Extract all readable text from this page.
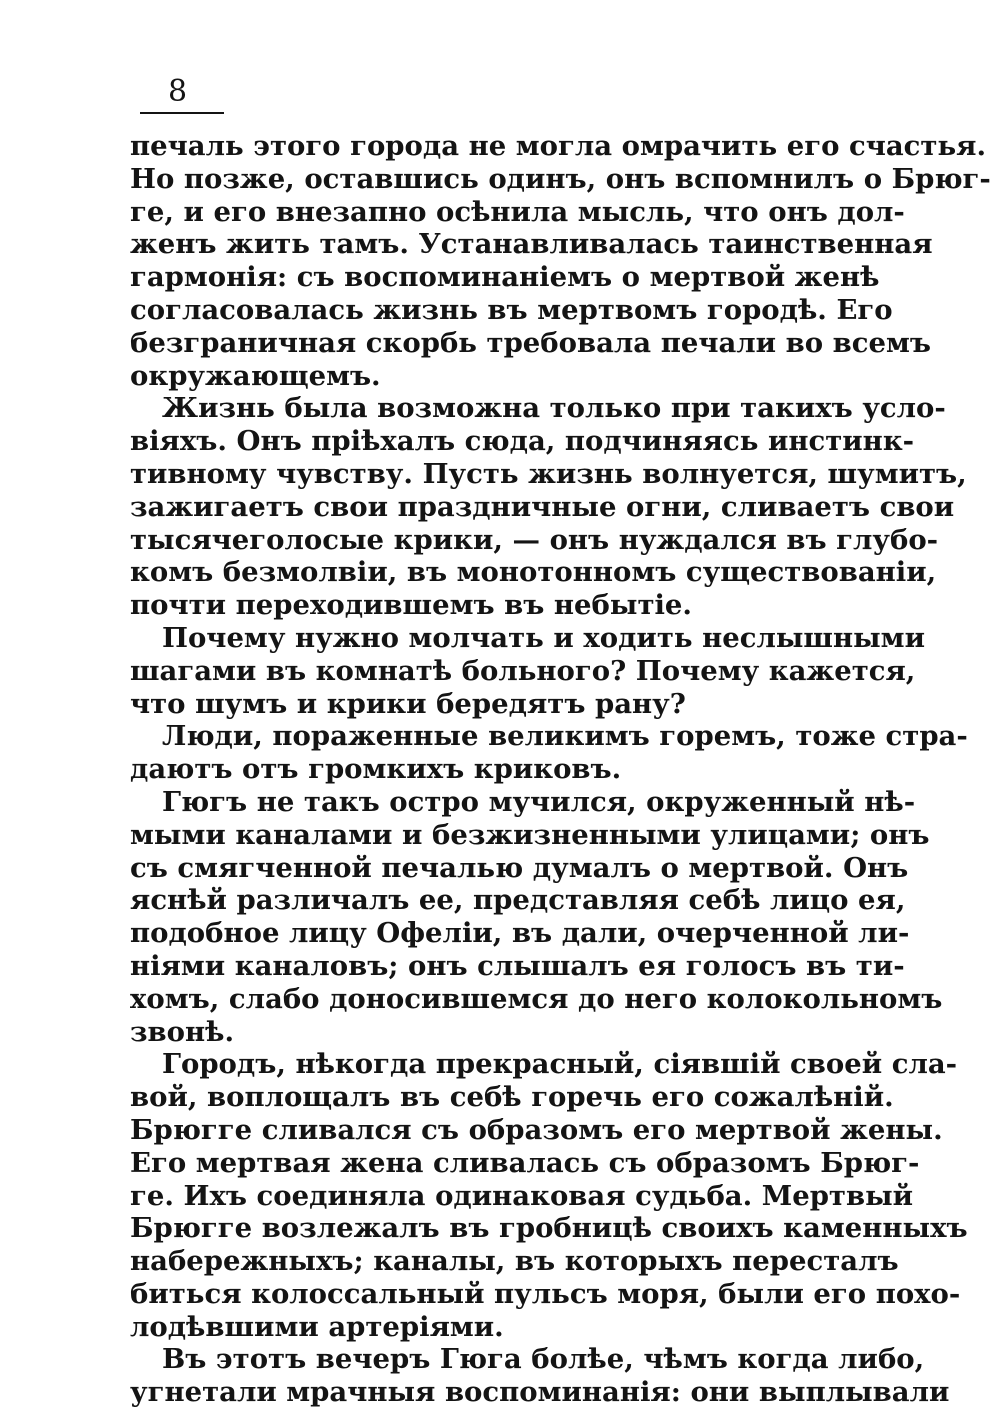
8
печаль этого города не могла омрачить его счастья.
Но позже, оставшись одинъ, онъ вспомнилъ о Брюг-
ге, и его внезапно осѣнила мысль, что онъ дол-
женъ жить тамъ. Устанавливалась таинственная
гармонія: съ воспоминаніемъ о мертвой женѣ
согласовалась жизнь въ мертвомъ городѣ. Его
безграничная скорбь требовала печали во всемъ
окружающемъ.
Жизнь была возможна только при такихъ усло-
віяхъ. Онъ пріѣхалъ сюда, подчиняясь инстинк-
тивному чувству. Пусть жизнь волнуется, шумитъ,
зажигаетъ свои праздничные огни, сливаетъ свои
тысячеголосые крики, — онъ нуждался въ глубо-
комъ безмолвіи, въ монотонномъ существованіи,
почти переходившемъ въ небытіе.
Почему нужно молчать и ходить неслышными
шагами въ комнатѣ больного? Почему кажется,
что шумъ и крики бередятъ рану?
Люди, пораженные великимъ горемъ, тоже стра-
даютъ отъ громкихъ криковъ.
Гюгъ не такъ остро мучился, окруженный нѣ-
мыми каналами и безжизненными улицами; онъ
съ смягченной печалью думалъ о мертвой. Онъ
яснѣй различалъ ее, представляя себѣ лицо ея,
подобное лицу Офеліи, въ дали, очерченной ли-
ніями каналовъ; онъ слышалъ ея голосъ въ ти-
хомъ, слабо доносившемся до него колокольномъ
звонѣ.
Городъ, нѣкогда прекрасный, сіявшій своей сла-
вой, воплощалъ въ себѣ горечь его сожалѣній.
Брюгге сливался съ образомъ его мертвой жены.
Его мертвая жена сливалась съ образомъ Брюг-
ге. Ихъ соединяла одинаковая судьба. Мертвый
Брюгге возлежалъ въ гробницѣ своихъ каменныхъ
набережныхъ; каналы, въ которыхъ пересталъ
биться колоссальный пульсъ моря, были его похо-
лодѣвшими артеріями.
Въ этотъ вечеръ Гюга болѣе, чѣмъ когда либо,
угнетали мрачныя воспоминанія: они выплывали
